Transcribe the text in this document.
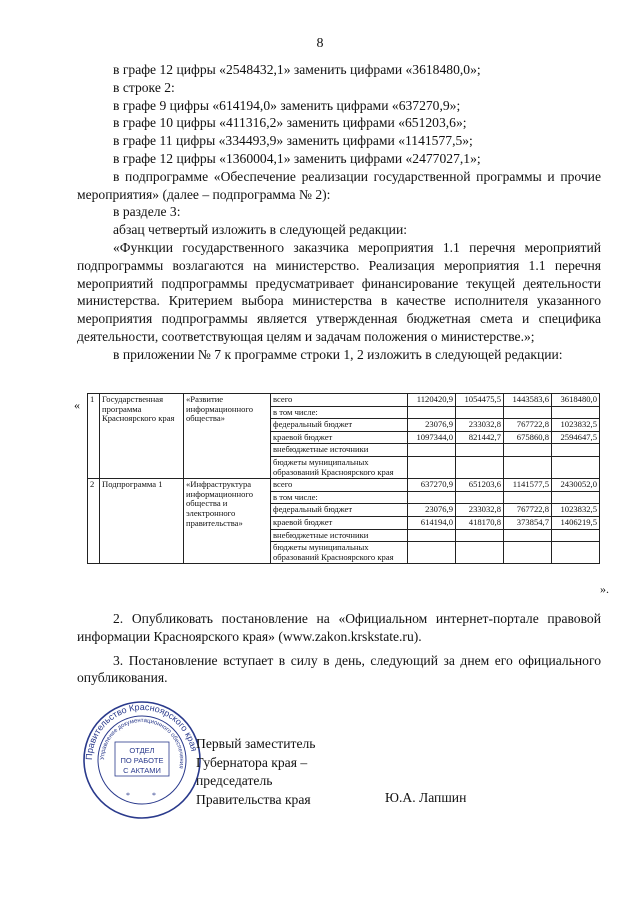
8

в графе 12 цифры «2548432,1» заменить цифрами «3618480,0»;

в строке 2:

в графе 9 цифры «614194,0» заменить цифрами «637270,9»;

в графе 10 цифры «411316,2» заменить цифрами «651203,6»;

в графе 11 цифры «334493,9» заменить цифрами «1141577,5»;

в графе 12 цифры «1360004,1» заменить цифрами «2477027,1»;

в подпрограмме «Обеспечение реализации государственной программы и прочие мероприятия» (далее – подпрограмма № 2):

в разделе 3:

абзац четвертый изложить в следующей редакции:

«Функции государственного заказчика мероприятия 1.1 перечня мероприятий подпрограммы возлагаются на министерство. Реализация мероприятия 1.1 перечня мероприятий подпрограммы предусматривает финансирование текущей деятельности министерства. Критерием выбора министерства в качестве исполнителя указанного мероприятия подпрограммы является утвержденная бюджетная смета и специфика деятельности, соответствующая целям и задачам положения о министерстве.»;

в приложении № 7 к программе строки 1, 2 изложить в следующей редакции:

« 1	Государственная программа Красноярского края	«Развитие информационного общества»	всего	1120420,9	1054475,5	1443583,6	3618480,0
			в том числе:				
			федеральный бюджет	23076,9	233032,8	767722,8	1023832,5
			краевой бюджет	1097344,0	821442,7	675860,8	2594647,5
			внебюджетные источники				
			бюджеты муниципальных образований Красноярского края				
2	Подпрограмма 1	«Инфраструктура информационного общества и электронного правительства»	всего	637270,9	651203,6	1141577,5	2430052,0
			в том числе:				
			федеральный бюджет	23076,9	233032,8	767722,8	1023832,5
			краевой бюджет	614194,0	418170,8	373854,7	1406219,5
			внебюджетные источники				
			бюджеты муниципальных образований Красноярского края				
».

2. Опубликовать постановление на «Официальном интернет-портале правовой информации Красноярского края» (www.zakon.krskstate.ru).

3. Постановление вступает в силу в день, следующий за днем его официального опубликования.

Правительство Красноярского края
Управление документационного обеспечения
ОТДЕЛ
ПО РАБОТЕ
С АКТАМИ
*	*
Первый заместитель
Губернатора края –
председатель
Правительства края	Ю.А. Лапшин
